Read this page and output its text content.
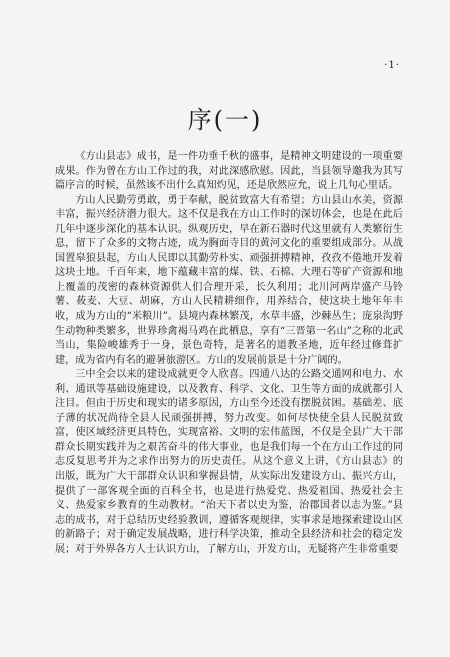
·1·
序(一)

《方山县志》成书，是一件功垂千秋的盛事，是精神文明建设的一项重要成果。作为曾在方山工作过的我，对此深感欣慰。因此，当县领导邀我为其写篇序言的时候，虽然该不出什么真知灼见，还是欣然应允，说上几句心里话。

方山人民勤劳勇敢，勇于奉献，脱贫致富大有希望；方山县山水美，资源丰富，振兴经济潜力很大。这不仅是我在方山工作时的深切体会，也是在此后几年中逐步深化的基本认识。纵观历史，早在新石器时代这里就有人类繁衍生息，留下了众多的文物古迹，成为胸面寺目的黄河文化的重要组成部分。从战国置皋狼县起，方山人民即以其勤劳朴实、顽强拼搏精神，孜孜不倦地开发着这块土地。千百年来，地下蕴藏丰富的煤、铁、石棉、大理石等矿产资源和地上覆盖的茂密的森林资源供人们合理开采，长久利用；北川河两岸盛产马铃薯、莜麦、大豆、胡麻，方山人民精耕细作，用养结合，使这块土地年年丰收，成为方山的“米粮川”。县境内森林繁茂，水草丰盛，沙棘丛生；庞泉沟野生动物种类繁多，世界珍禽褐马鸡在此栖息，享有“三晋第一名山”之称的北武当山，集险峻雄秀于一身，景色奇特，是著名的道教圣地，近年经过修葺扩建，成为省内有名的避暑旅游区。方山的发展前景是十分广阔的。

三中全会以来的建设成就更令人欣喜。四通八达的公路交通网和电力、水利、通讯等基础设施建设，以及教育、科学、文化、卫生等方面的成就都引人注目。但由于历史和现实的诸多原因，方山至今还没有摆脱贫困。基础差、底子薄的状况尚待全县人民顽强拼搏，努力改变。如何尽快使全县人民脱贫致富，使区域经济更具特色，实现富裕、文明的宏伟蓝图，不仅是全县广大干部群众长期实践并为之艰苦奋斗的伟大事业，也是我们每一个在方山工作过的同志反复思考并为之求作出努力的历史责任。从这个意义上讲，《方山县志》的出版，既为广大干部群众认识和掌握县情，从实际出发建设方山、振兴方山，提供了一部客观全面的百科全书，也是进行热爱党、热爱祖国、热爱社会主义、热爱家乡教育的生动教材。“治天下者以史为鉴，治郡国者以志为鉴。”县志的成书，对于总结历史经验教训，遵循客观规律，实事求是地探索建设山区的新路子；对于确定发展战略，进行科学决策，推动全县经济和社会的稳定发展；对于外界各方人士认识方山，了解方山，开发方山，无疑将产生非常重要
